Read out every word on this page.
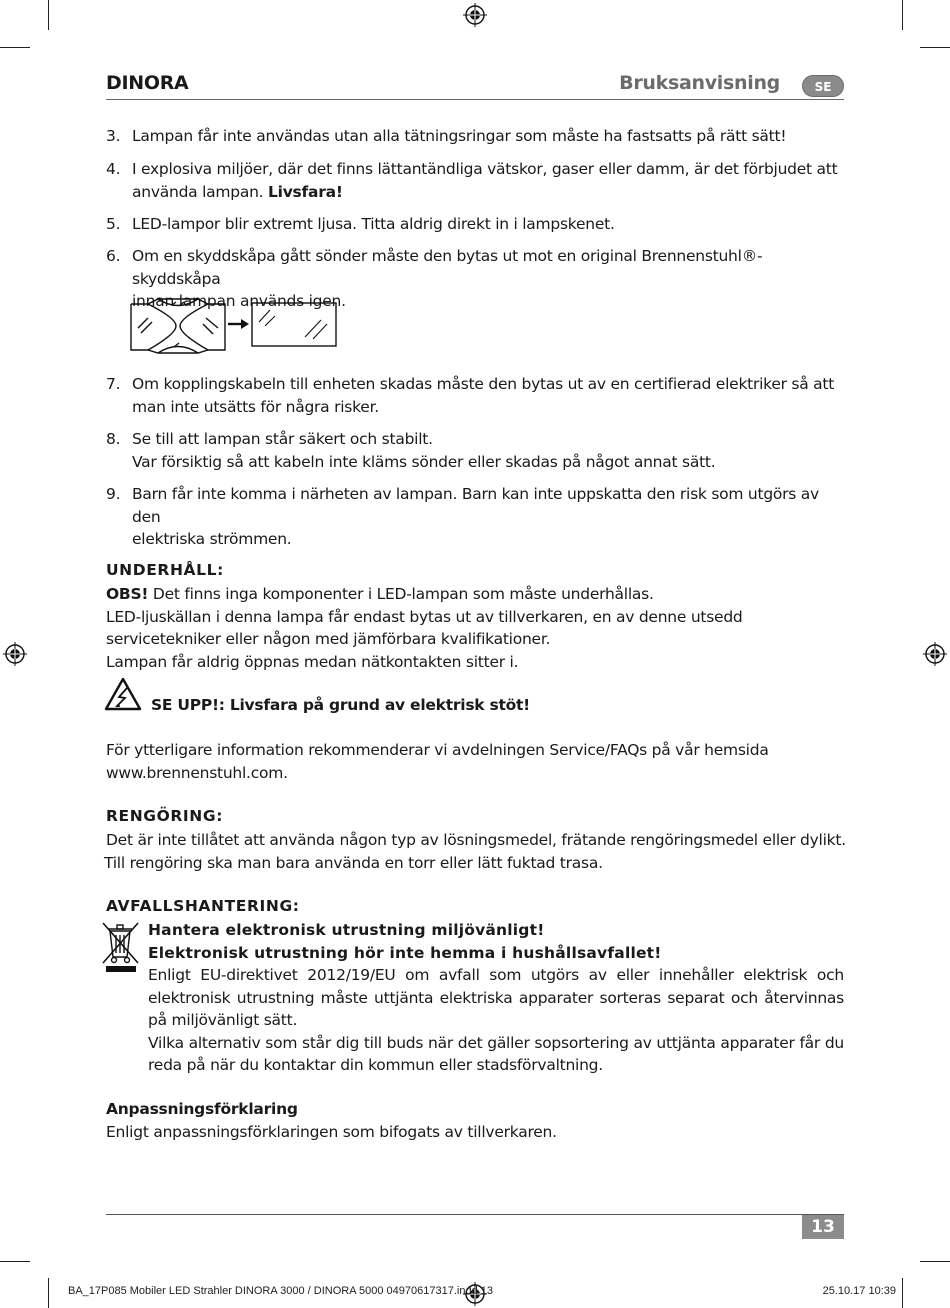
DINORA	Bruksanvisning	SE
3. Lampan får inte användas utan alla tätningsringar som måste ha fastsatts på rätt sätt!
4. I explosiva miljöer, där det finns lättantändliga vätskor, gaser eller damm, är det förbjudet att
använda lampan. Livsfara!
5. LED-lampor blir extremt ljusa. Titta aldrig direkt in i lampskenet.
6. Om en skyddskåpa gått sönder måste den bytas ut mot en original Brennenstuhl®-skyddskåpa
innan lampan används igen.
7. Om kopplingskabeln till enheten skadas måste den bytas ut av en certifierad elektriker så att
man inte utsätts för några risker.
8. Se till att lampan står säkert och stabilt.
Var försiktig så att kabeln inte kläms sönder eller skadas på något annat sätt.
9. Barn får inte komma i närheten av lampan. Barn kan inte uppskatta den risk som utgörs av den
elektriska strömmen.
UNDERHÅLL:
OBS! Det finns inga komponenter i LED-lampan som måste underhållas.
LED-ljuskällan i denna lampa får endast bytas ut av tillverkaren, en av denne utsedd
servicetekniker eller någon med jämförbara kvalifikationer.
Lampan får aldrig öppnas medan nätkontakten sitter i.
SE UPP!: Livsfara på grund av elektrisk stöt!
För ytterligare information rekommenderar vi avdelningen Service/FAQs på vår hemsida
www.brennenstuhl.com.
RENGÖRING:
Det är inte tillåtet att använda någon typ av lösningsmedel, frätande rengöringsmedel eller dylikt.
Till rengöring ska man bara använda en torr eller lätt fuktad trasa.
AVFALLSHANTERING:
Hantera elektronisk utrustning miljövänligt!
Elektronisk utrustning hör inte hemma i hushållsavfallet!
Enligt EU-direktivet 2012/19/EU om avfall som utgörs av eller innehåller elektrisk och elektronisk utrustning måste uttjänta elektriska apparater sorteras separat och återvinnas på miljövänligt sätt.
Vilka alternativ som står dig till buds när det gäller sopsortering av uttjänta apparater får du reda på när du kontaktar din kommun eller stadsförvaltning.
Anpassningsförklaring
Enligt anpassningsförklaringen som bifogats av tillverkaren.
13
BA_17P085 Mobiler LED Strahler DINORA 3000 / DINORA 5000 04970617317.indd 13	25.10.17 10:39
